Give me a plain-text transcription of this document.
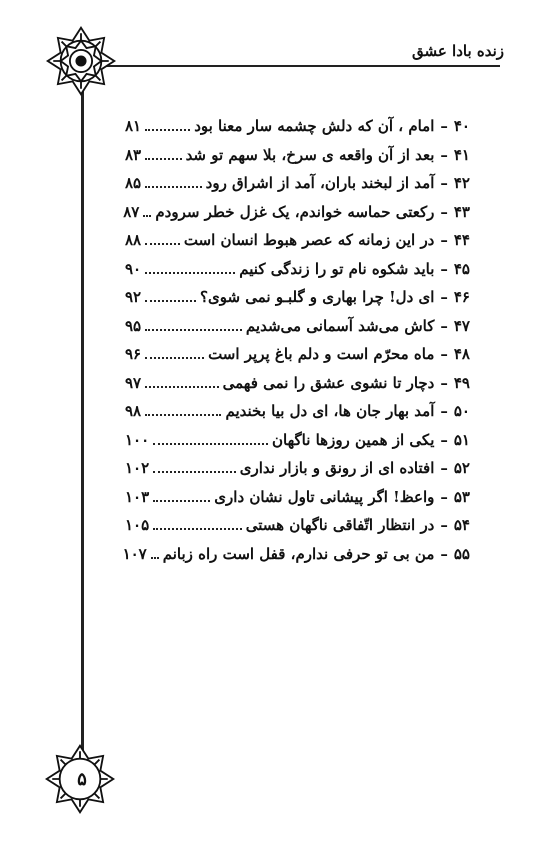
زنده بادا عشق
۴۰
–
امام ، آن که دلش چشمه سار معنا بود
۸۱
۴۱
–
بعد از آن واقعه ی سرخ، بلا سهم تو شد
۸۳
۴۲
–
آمد از لبخند باران، آمد از اشراق رود
۸۵
۴۳
–
رکعتی حماسه خواندم، یک غزل خطر سرودم
۸۷
۴۴
–
در این زمانه که عصر هبوط انسان است
۸۸
۴۵
–
باید شکوه نام تو را زندگی کنیم
۹۰
۴۶
–
ای دل! چرا بهاری و گلبـو نمی شوی؟
۹۲
۴۷
–
کاش می‌شد آسمانی می‌شدیم
۹۵
۴۸
–
ماه محرّم است و دلم باغ پرپر است
۹۶
۴۹
–
دچار تا نشوی عشق را نمی فهمی
۹۷
۵۰
–
آمد بهار جان ها، ای دل بیا بخندیم
۹۸
۵۱
–
یکی از همین روزها ناگهان
۱۰۰
۵۲
–
افتاده ای از رونق و بازار نداری
۱۰۲
۵۳
–
واعظ! اگر پیشانی تاول نشان داری
۱۰۳
۵۴
–
در انتظار اتّفاقی ناگهان هستی
۱۰۵
۵۵
–
من بی تو حرفی ندارم، قفل است راه زبانم
۱۰۷
۵
